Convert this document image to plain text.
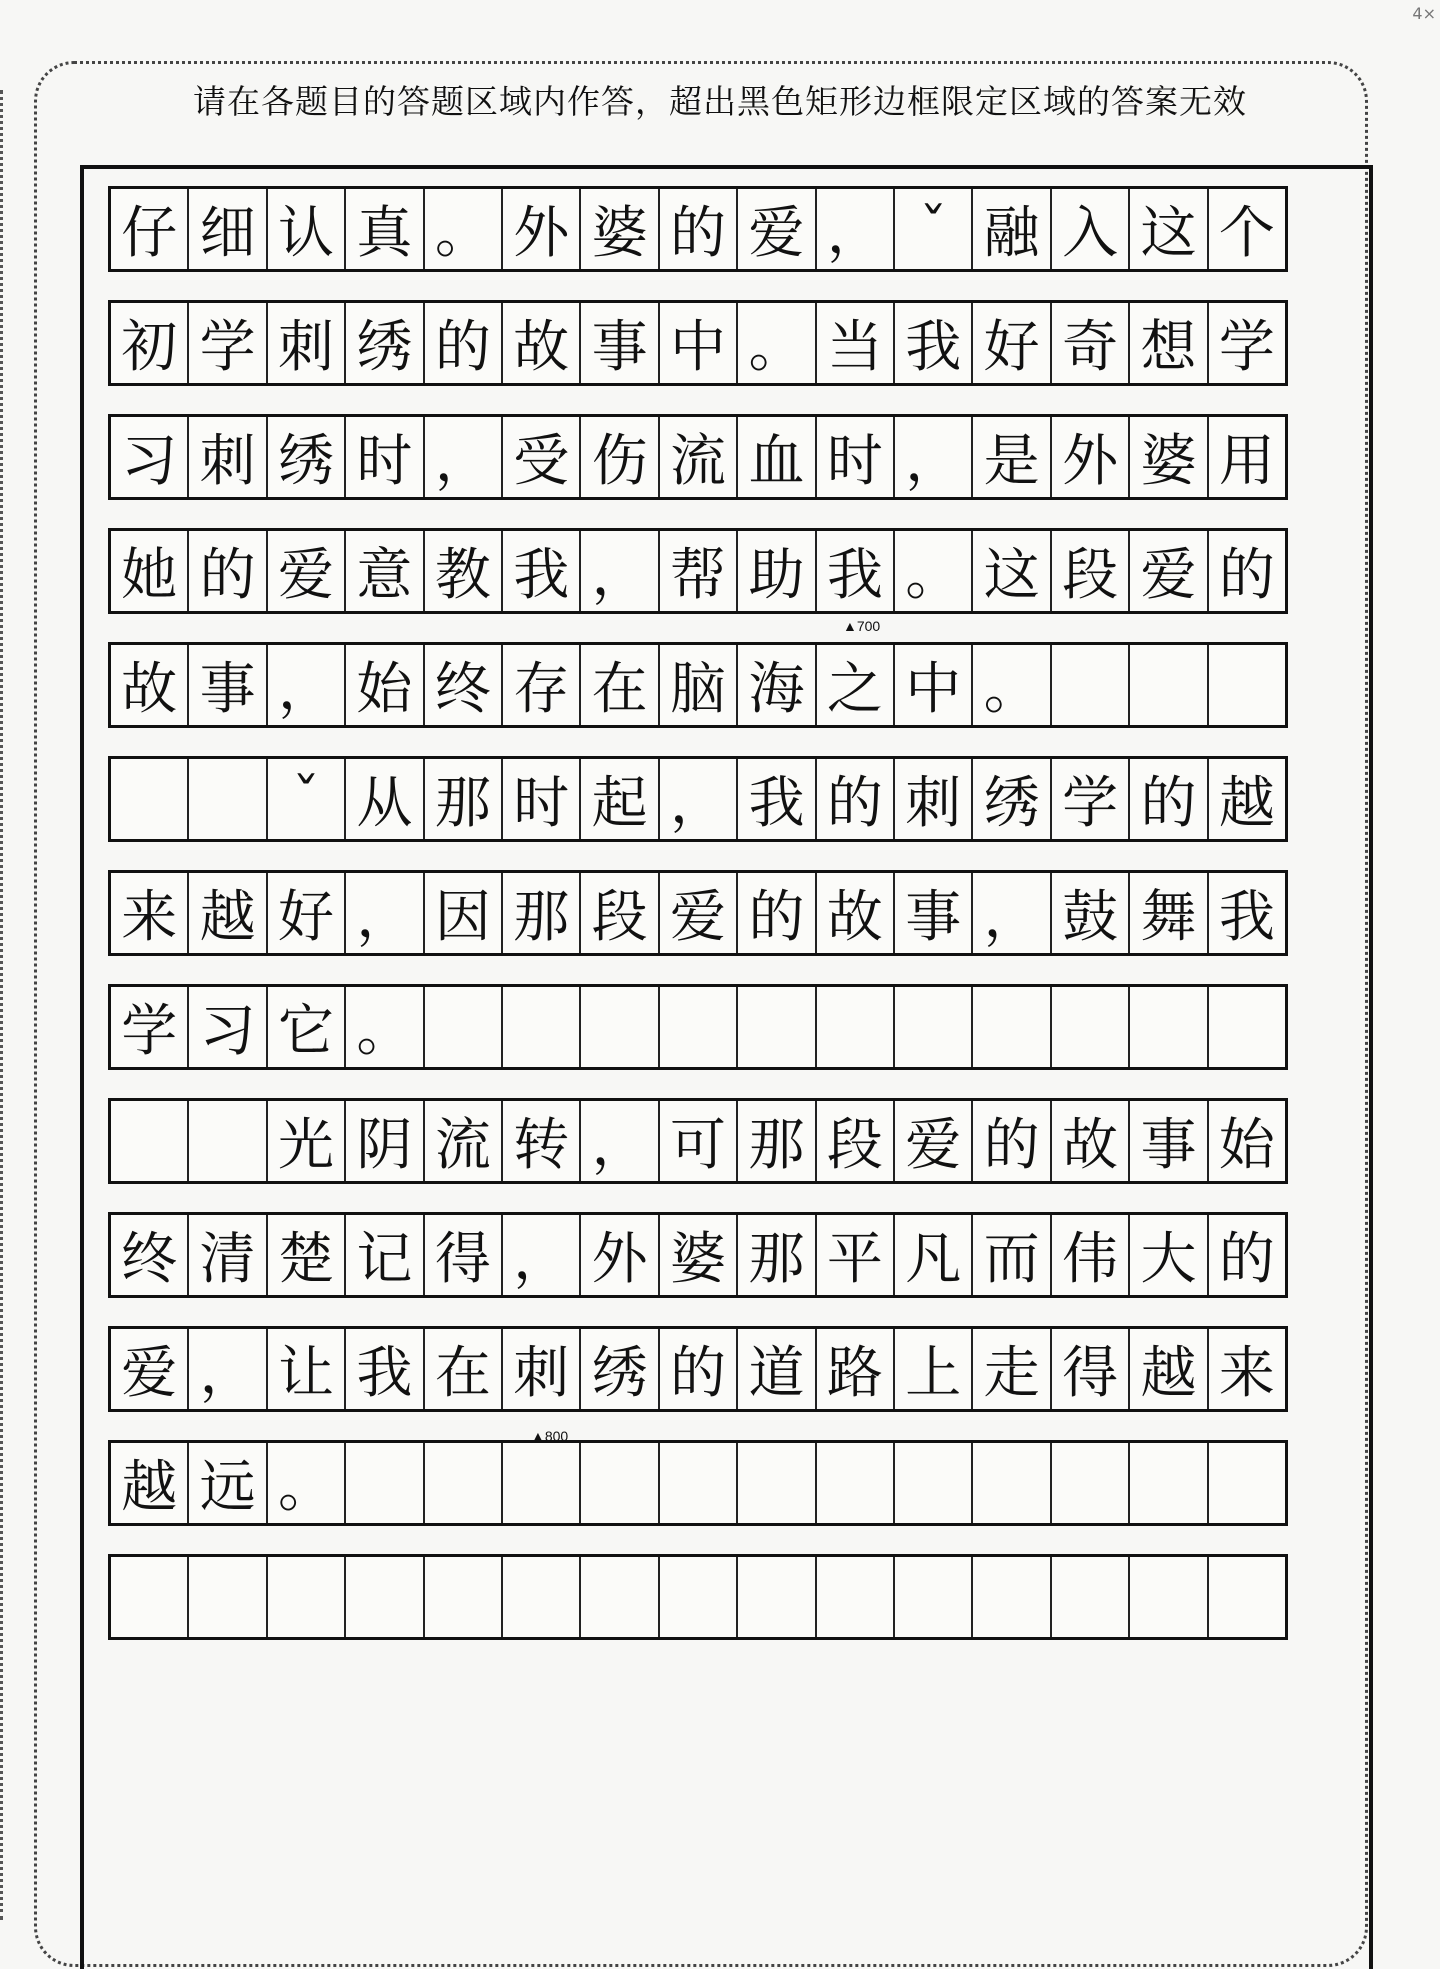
4×
请在各题目的答题区域内作答，超出黑色矩形边框限定区域的答案无效
仔 细 认 真 。 外 婆 的 爱 ， ˇ 融 入 这 个
初 学 刺 绣 的 故 事 中 。 当 我 好 奇 想 学
习 刺 绣 时 ， 受 伤 流 血 时 ， 是 外 婆 用
她 的 爱 意 教 我 ， 帮 助 我 。 这 段 爱 的
故 事 ， 始 终 存 在 脑 海 之 中 。
ˇ 从 那 时 起 ， 我 的 刺 绣 学 的 越
来 越 好 ， 因 那 段 爱 的 故 事 ， 鼓 舞 我
学 习 它 。
光 阴 流 转 ， 可 那 段 爱 的 故 事 始
终 清 楚 记 得 ， 外 婆 那 平 凡 而 伟 大 的
爱 ， 让 我 在 刺 绣 的 道 路 上 走 得 越 来
越 远 。
▲700
▲800
